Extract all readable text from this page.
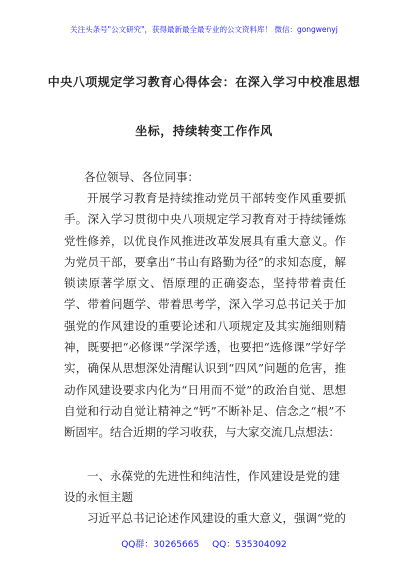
关注头条号"公文研究"，获得最新最全最专业的公文资料库！ 微信：gongwenyj
中央八项规定学习教育心得体会：在深入学习中校准思想
坐标，持续转变工作作风
各位领导、各位同事：

开展学习教育是持续推动党员干部转变作风重要抓手。深入学习贯彻中央八项规定学习教育对于持续锤炼党性修养，以优良作风推进改革发展具有重大意义。作为党员干部，要拿出“书山有路勤为径”的求知态度，解锁读原著学原文、悟原理的正确姿态，坚持带着责任学、带着问题学、带着思考学，深入学习总书记关于加强党的作风建设的重要论述和八项规定及其实施细则精神，既要把“必修课”学深学透，也要把“选修课”学好学实，确保从思想深处清醒认识到“四风”问题的危害，推动作风建设要求内化为“日用而不觉”的政治自觉、思想自觉和行动自觉让精神之“钙”不断补足、信念之“根”不断固牢。结合近期的学习收获，与大家交流几点想法：

一、永葆党的先进性和纯洁性，作风建设是党的建设的永恒主题

习近平总书记论述作风建设的重大意义，强调“党的

QQ群：30265665 QQ：535304092
